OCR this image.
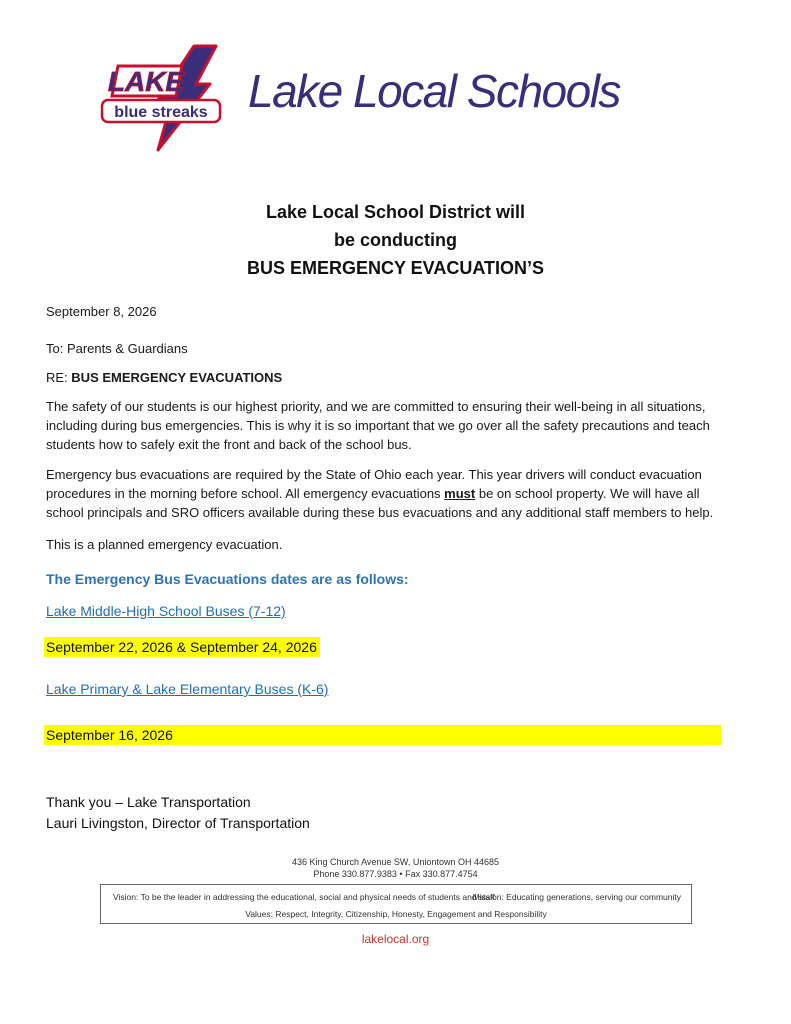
LAKE
blue streaks Lake Local Schools
Lake Local School District will
be conducting
BUS EMERGENCY EVACUATION’S
September 8, 2026
To: Parents & Guardians
RE: BUS EMERGENCY EVACUATIONS
The safety of our students is our highest priority, and we are committed to ensuring their well-being in all situations, including during bus emergencies. This is why it is so important that we go over all the safety precautions and teach students how to safely exit the front and back of the school bus.
Emergency bus evacuations are required by the State of Ohio each year. This year drivers will conduct evacuation procedures in the morning before school. All emergency evacuations must be on school property. We will have all school principals and SRO officers available during these bus evacuations and any additional staff members to help.
This is a planned emergency evacuation.
The Emergency Bus Evacuations dates are as follows:
Lake Middle-High School Buses (7-12)
September 22, 2026 & September 24, 2026
Lake Primary & Lake Elementary Buses (K-6)
September 16, 2026
Thank you – Lake Transportation
Lauri Livingston, Director of Transportation
436 King Church Avenue SW, Uniontown OH 44685
Phone 330.877.9383 • Fax 330.877.4754
Vision: To be the leader in addressing the educational, social and physical needs of students and staff
Mission: Educating generations, serving our community
Values: Respect, Integrity, Citizenship, Honesty, Engagement and Responsibility
lakelocal.org
